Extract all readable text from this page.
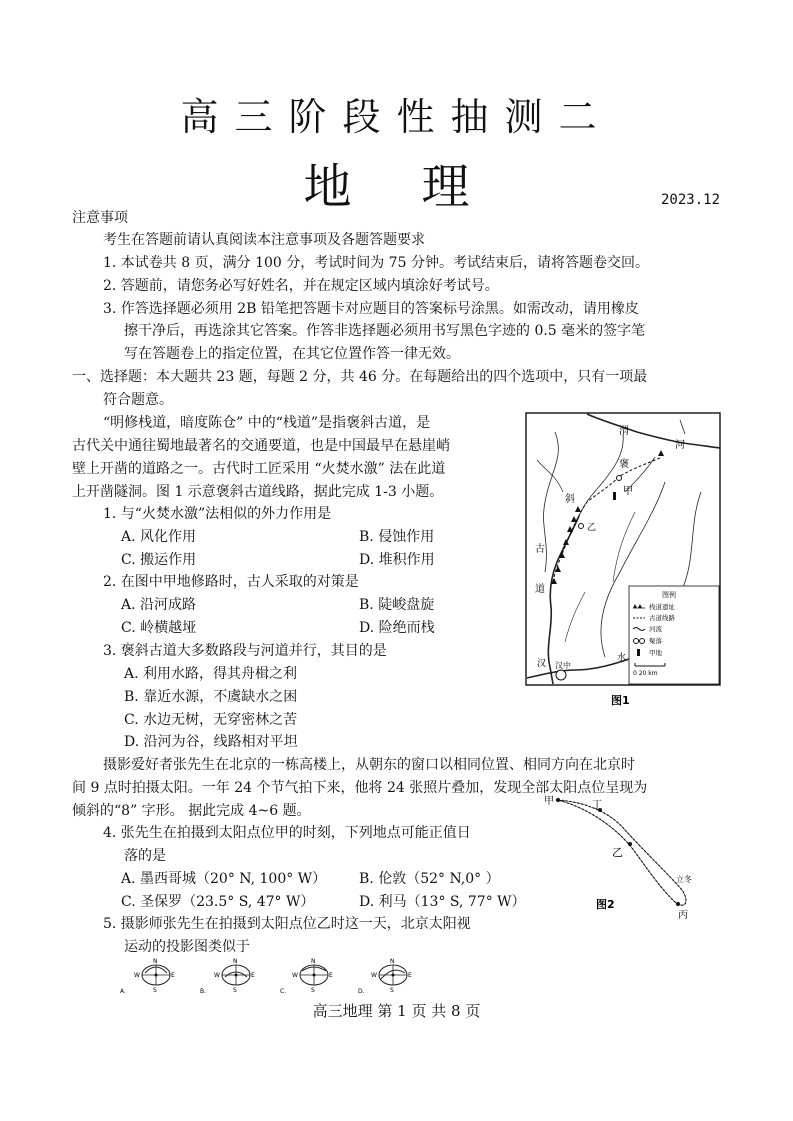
高三阶段性抽测二
地理	2023.12
注意事项
考生在答题前请认真阅读本注意事项及各题答题要求
1. 本试卷共 8 页，满分 100 分，考试时间为 75 分钟。考试结束后，请将答题卷交回。
2. 答题前，请您务必写好姓名，并在规定区域内填涂好考试号。
3. 作答选择题必须用 2B 铅笔把答题卡对应题目的答案标号涂黑。如需改动，请用橡皮
擦干净后，再选涂其它答案。作答非选择题必须用书写黑色字迹的 0.5 毫米的签字笔
写在答题卷上的指定位置，在其它位置作答一律无效。
一、选择题：本大题共 23 题，每题 2 分，共 46 分。在每题给出的四个选项中，只有一项最
符合题意。
“明修栈道，暗度陈仓” 中的“栈道”是指褒斜古道，是
古代关中通往蜀地最著名的交通要道，也是中国最早在悬崖峭
壁上开凿的道路之一。古代时工匠采用 “火焚水激” 法在此道
上开凿隧洞。图 1 示意褒斜古道线路，据此完成 1-3 小题。
1. 与“火焚水激”法相似的外力作用是
A. 风化作用	B. 侵蚀作用
C. 搬运作用	D. 堆积作用
2. 在图中甲地修路时，古人采取的对策是
A. 沿河成路	B. 陡峻盘旋
C. 岭横越垭	D. 险绝而栈
3. 褒斜古道大多数路段与河道并行，其目的是
A. 利用水路，得其舟楫之利
B. 靠近水源，不虞缺水之困
C. 水边无树，无穿密林之苦
D. 沿河为谷，线路相对平坦
摄影爱好者张先生在北京的一栋高楼上，从朝东的窗口以相同位置、相同方向在北京时
间 9 点时拍摄太阳。一年 24 个节气拍下来，他将 24 张照片叠加，发现全部太阳点位呈现为
倾斜的“8” 字形。 据此完成 4~6 题。
4. 张先生在拍摄到太阳点位甲的时刻，下列地点可能正值日
落的是
A. 墨西哥城（20° N, 100° W） B. 伦敦（52° N,0° ）
C. 圣保罗（23.5° S, 47° W）	D. 利马（13° S, 77° W）
5. 摄影师张先生在拍摄到太阳点位乙时这一天，北京太阳视
运动的投影图类似于
A.
N
E
S
W
B.
N
E
S
W
C.
N
E
S
W
D.
N
E
S
W
渭
河
褒
甲
斜
乙
古
道
汉
水
汉中
图例
栈道遗址
古道线路
河流
聚落
甲地
0 20 km
图1
甲	丁
乙
丙
立冬
图2
高三地理 第 1 页 共 8 页
